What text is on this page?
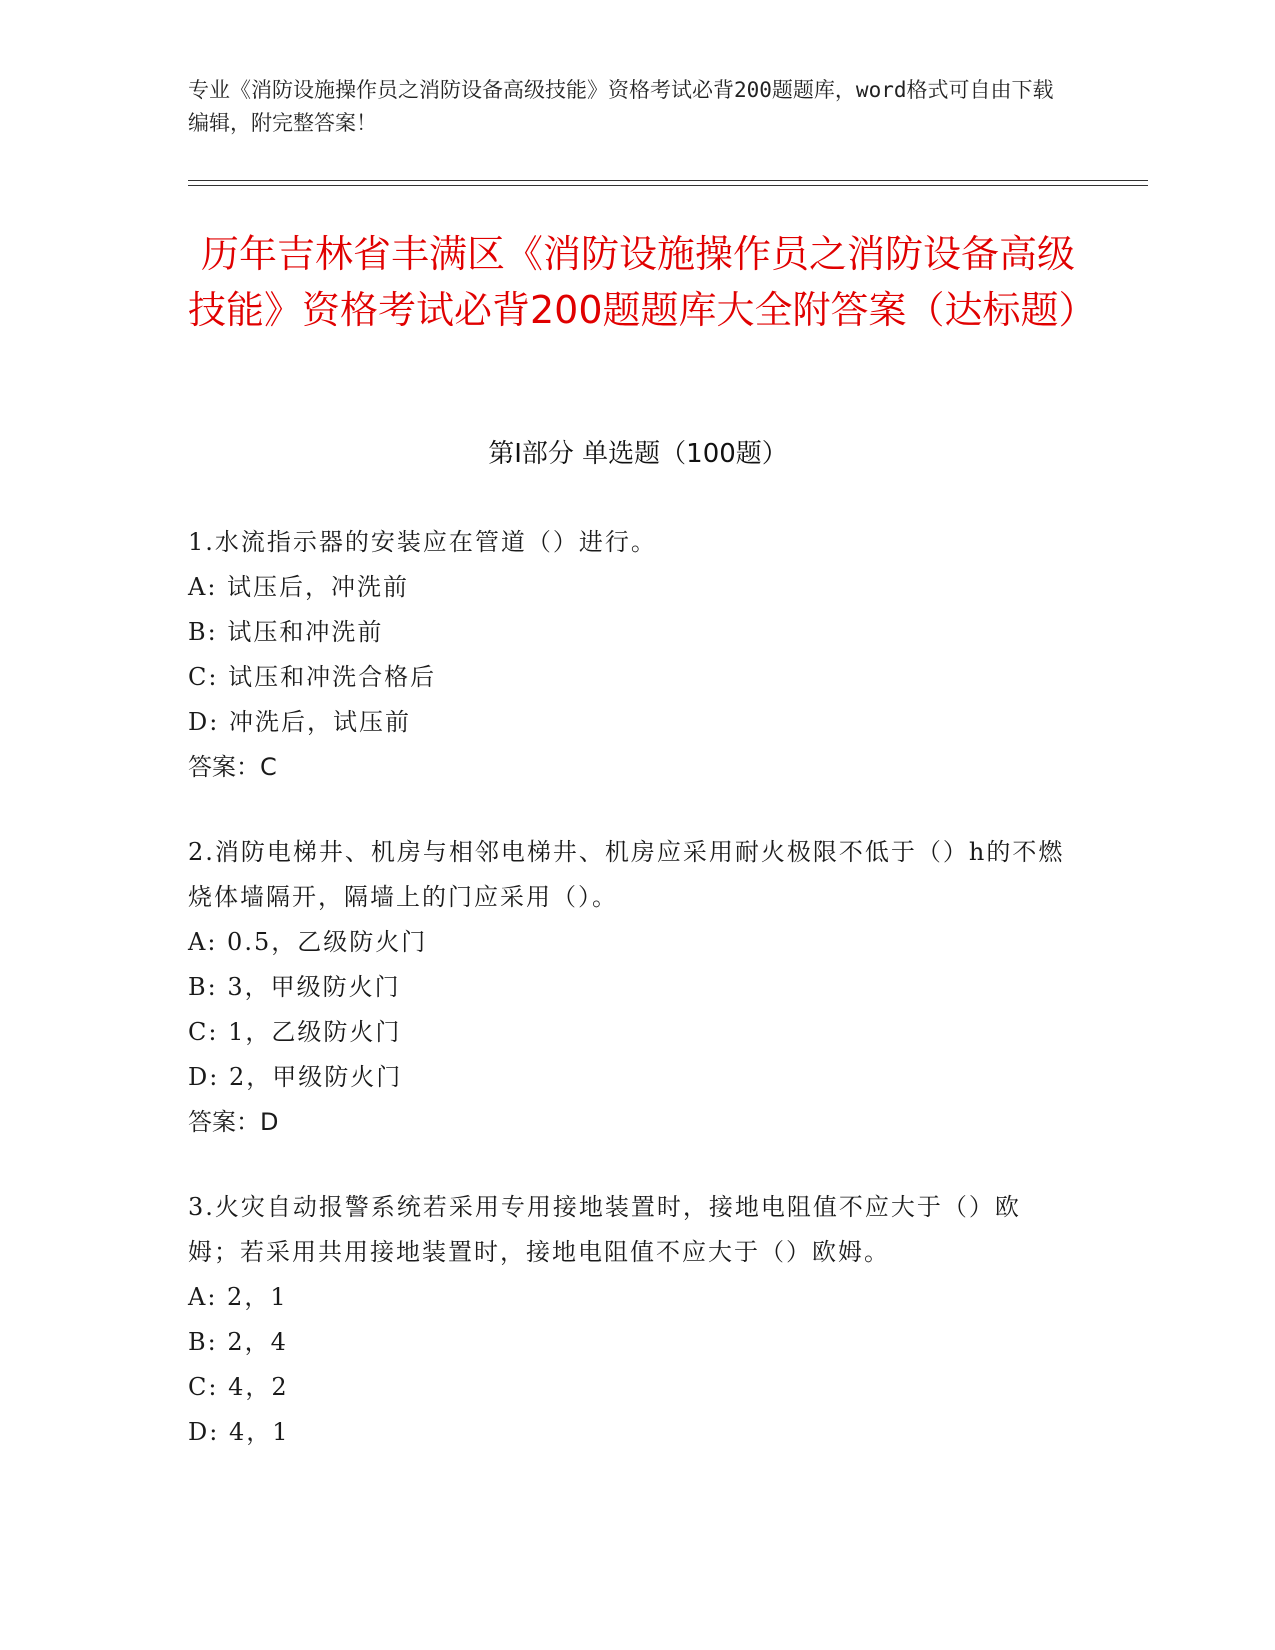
专业《消防设施操作员之消防设备高级技能》资格考试必背200题题库，word格式可自由下载编辑，附完整答案！
历年吉林省丰满区《消防设施操作员之消防设备高级技能》资格考试必背200题题库大全附答案（达标题）
第Ⅰ部分 单选题（100题）

1.水流指示器的安装应在管道（）进行。

A: 试压后，冲洗前

B: 试压和冲洗前

C: 试压和冲洗合格后

D: 冲洗后，试压前

答案：C

2.消防电梯井、机房与相邻电梯井、机房应采用耐火极限不低于（）h的不燃烧体墙隔开，隔墙上的门应采用（）。

A: 0.5，乙级防火门

B: 3，甲级防火门

C: 1，乙级防火门

D: 2，甲级防火门

答案：D

3.火灾自动报警系统若采用专用接地装置时，接地电阻值不应大于（）欧姆；若采用共用接地装置时，接地电阻值不应大于（）欧姆。

A: 2，1

B: 2，4

C: 4，2

D: 4，1
